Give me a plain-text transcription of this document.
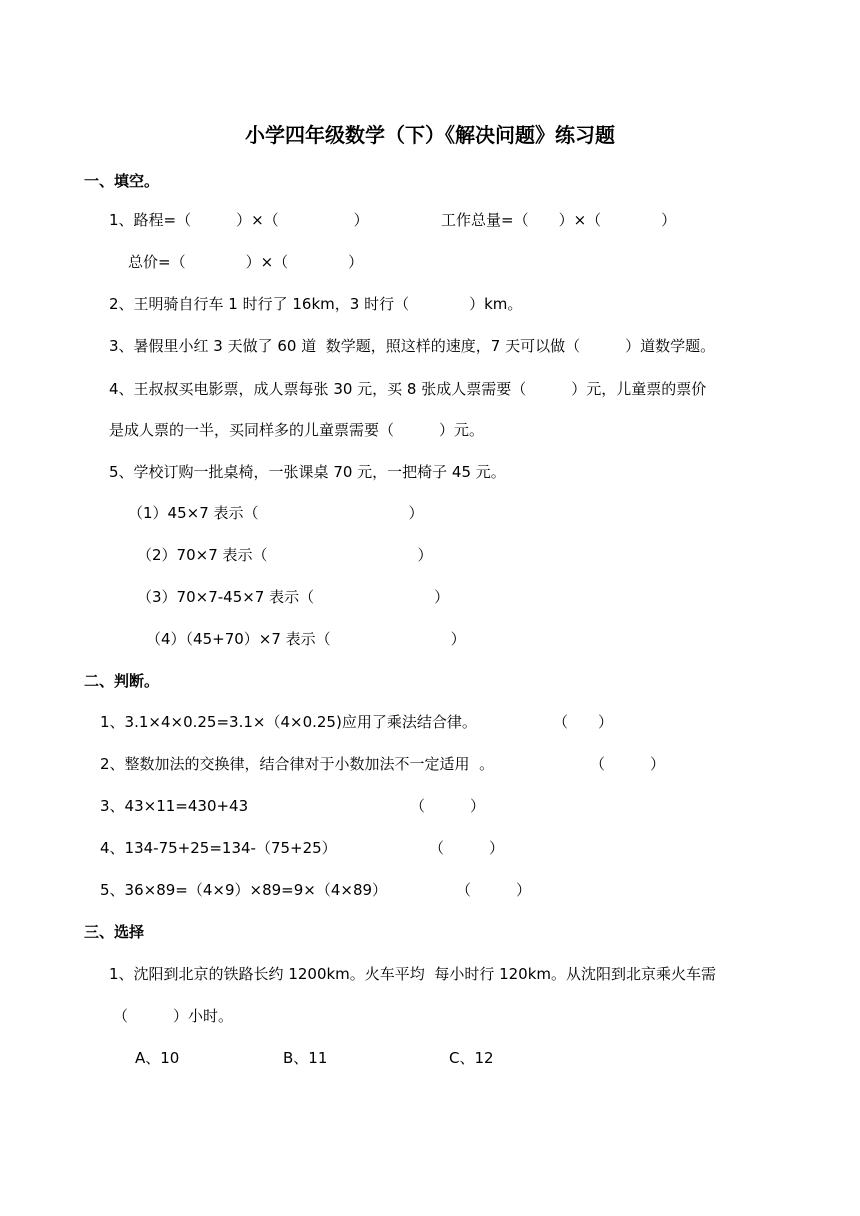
小学四年级数学（下）《解决问题》练习题
一、填空。
1、路程=（　　　）×（　　　　　）	工作总量=（　　）×（　　　　）
总价=（　　　　）×（　　　　）
2、王明骑自行车 1 时行了 16km，3 时行（　　　　）km。
3、暑假里小红 3 天做了 60 道  数学题，照这样的速度，7 天可以做（　　　）道数学题。
4、王叔叔买电影票，成人票每张 30 元，买 8 张成人票需要（　　　）元，儿童票的票价
是成人票的一半，买同样多的儿童票需要（　　　）元。
5、学校订购一批桌椅，一张课桌 70 元，一把椅子 45 元。
（1）45×7 表示（　　　　　　　　　　）
（2）70×7 表示（　　　　　　　　　　）
（3）70×7-45×7 表示（　　　　　　　　）
（4）（45+70）×7 表示（　　　　　　　　）
二、判断。
1、3.1×4×0.25=3.1×（4×0.25)应用了乘法结合律。	（　　）
2、整数加法的交换律，结合律对于小数加法不一定适用  。	（　　　）
3、43×11=430+43	（　　　）
4、134-75+25=134-（75+25）	（　　　）
5、36×89=（4×9）×89=9×（4×89）	（　　　）
三、选择
1、沈阳到北京的铁路长约 1200km。火车平均  每小时行 120km。从沈阳到北京乘火车需
（　　　）小时。
A、10	B、11	C、12
